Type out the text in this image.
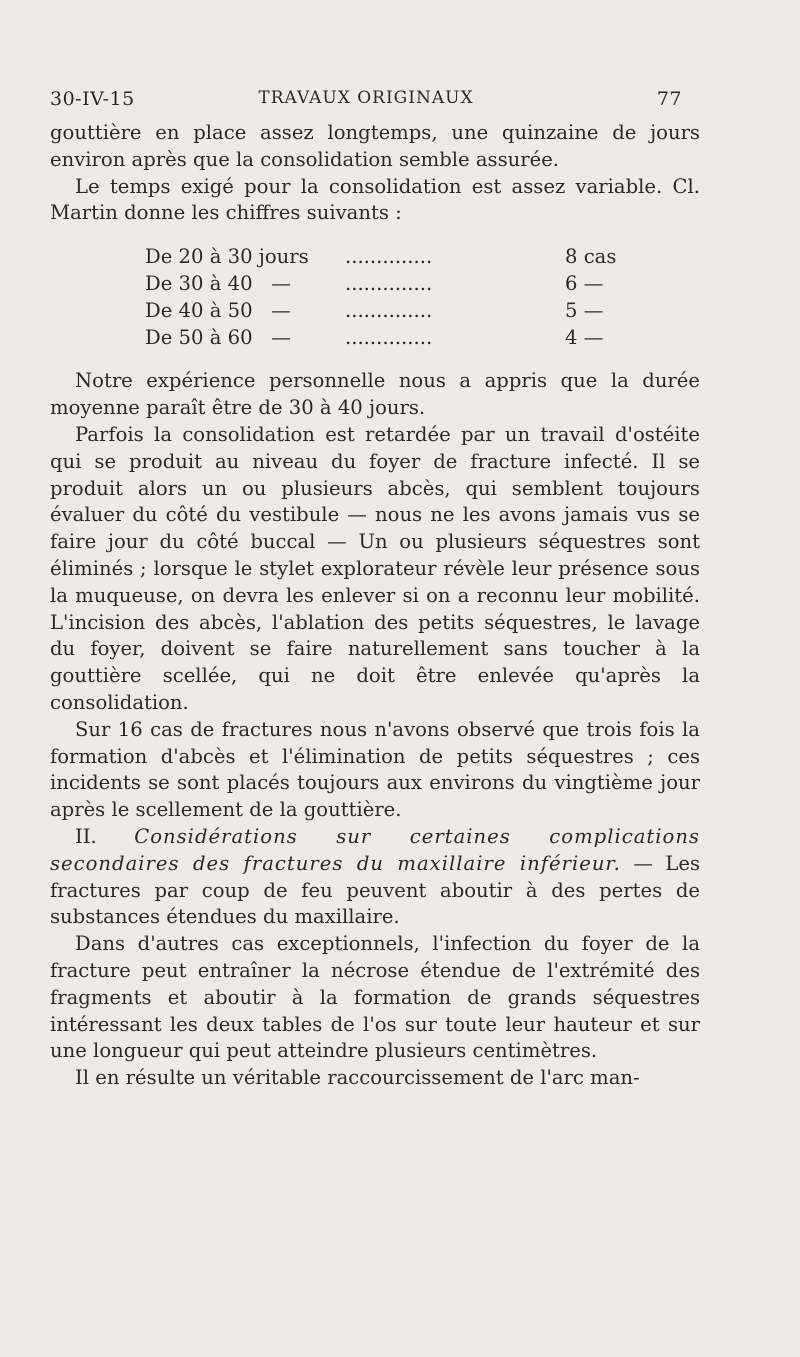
30-IV-15	TRAVAUX ORIGINAUX	77

gouttière en place assez longtemps, une quinzaine de jours environ après que la consolidation semble assurée.

Le temps exigé pour la consolidation est assez variable. Cl. Martin donne les chiffres suivants :

De 20 à 30 jours	..............	8 cas
De 30 à 40   —	..............	6 —
De 40 à 50   —	..............	5 —
De 50 à 60   —	..............	4 —

Notre expérience personnelle nous a appris que la durée moyenne paraît être de 30 à 40 jours.

Parfois la consolidation est retardée par un travail d'ostéite qui se produit au niveau du foyer de fracture infecté. Il se produit alors un ou plusieurs abcès, qui semblent toujours évaluer du côté du vestibule — nous ne les avons jamais vus se faire jour du côté buccal — Un ou plusieurs séquestres sont éliminés ; lorsque le stylet explorateur révèle leur présence sous la muqueuse, on devra les enlever si on a reconnu leur mobilité. L'incision des abcès, l'ablation des petits séquestres, le lavage du foyer, doivent se faire naturellement sans toucher à la gouttière scellée, qui ne doit être enlevée qu'après la consolidation.

Sur 16 cas de fractures nous n'avons observé que trois fois la formation d'abcès et l'élimination de petits séquestres ; ces incidents se sont placés toujours aux environs du vingtième jour après le scellement de la gouttière.

II. Considérations sur certaines complications secondaires des fractures du maxillaire inférieur. — Les fractures par coup de feu peuvent aboutir à des pertes de substances étendues du maxillaire.

Dans d'autres cas exceptionnels, l'infection du foyer de la fracture peut entraîner la nécrose étendue de l'extrémité des fragments et aboutir à la formation de grands séquestres intéressant les deux tables de l'os sur toute leur hauteur et sur une longueur qui peut atteindre plusieurs centimètres.

Il en résulte un véritable raccourcissement de l'arc man-
